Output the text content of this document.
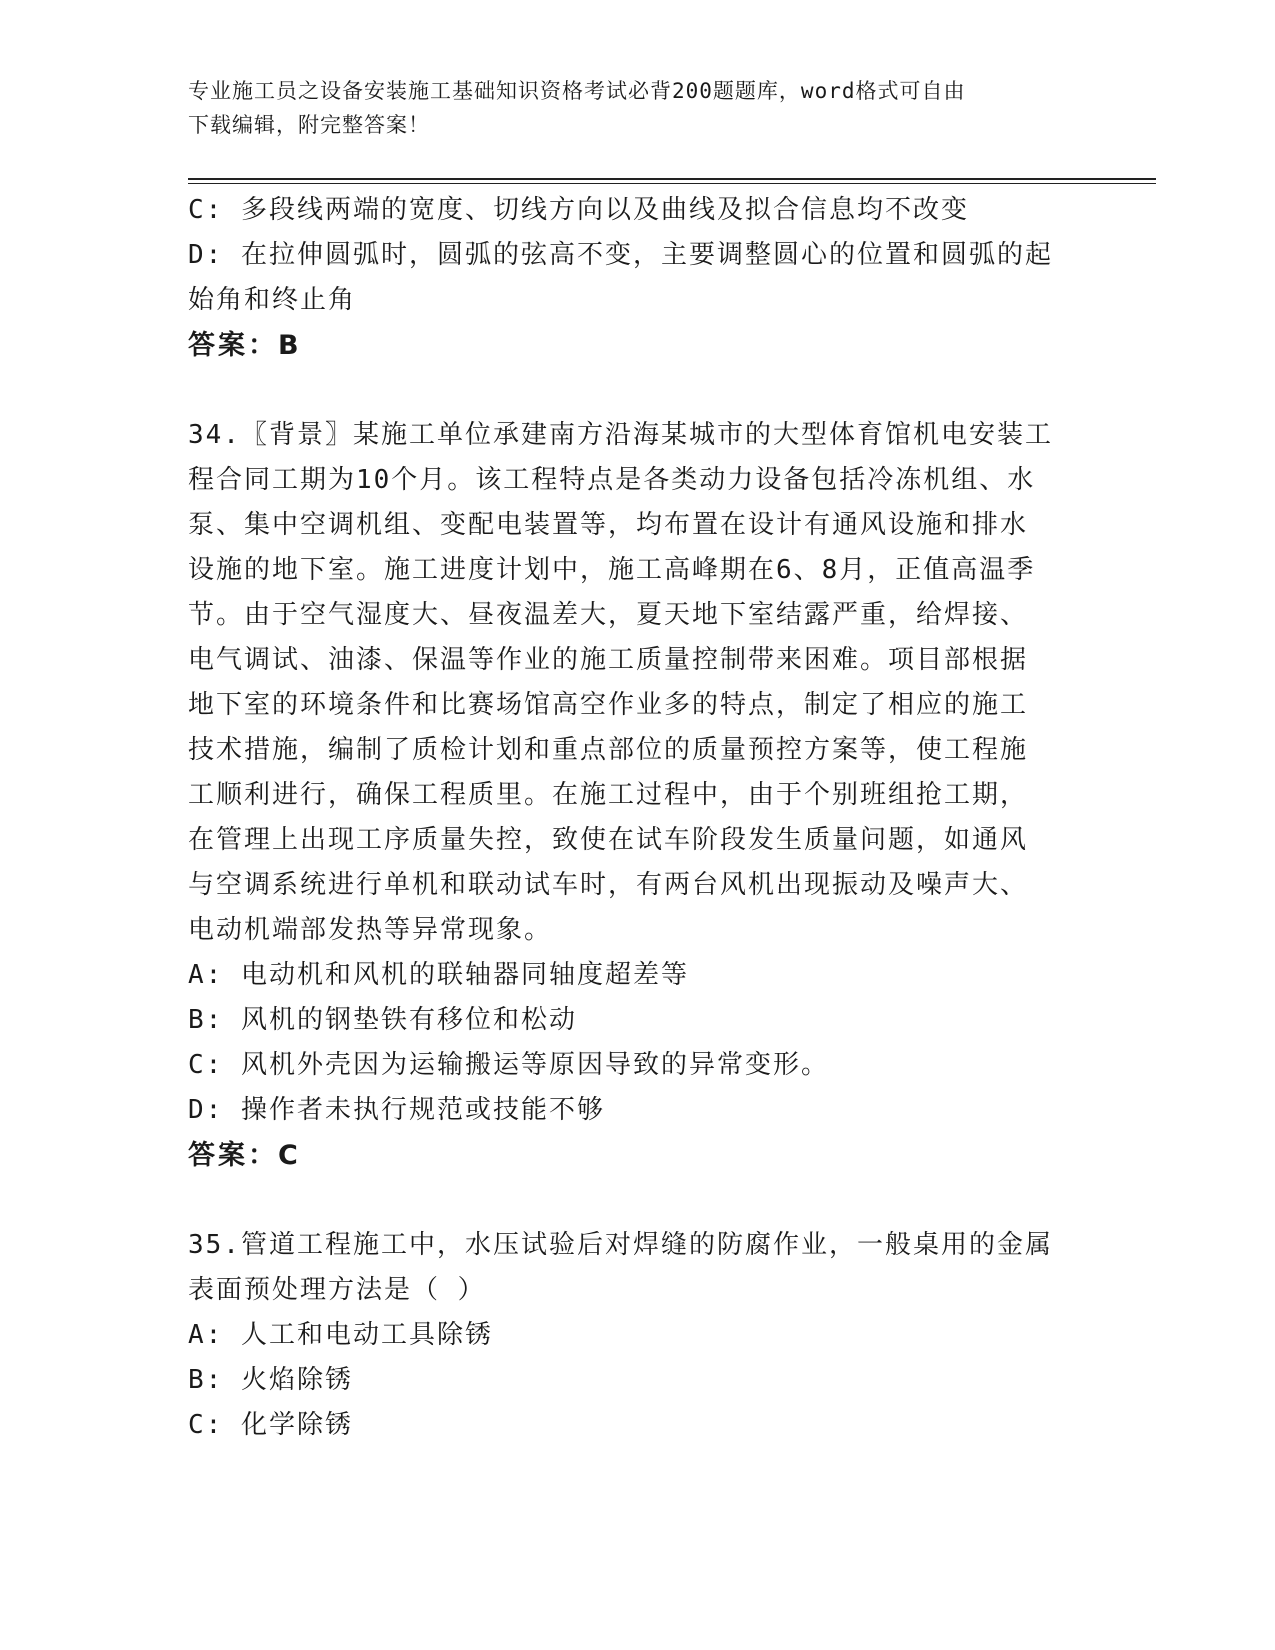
专业施工员之设备安装施工基础知识资格考试必背200题题库，word格式可自由
下载编辑，附完整答案！
C: 多段线两端的宽度、切线方向以及曲线及拟合信息均不改变
D: 在拉伸圆弧时，圆弧的弦高不变，主要调整圆心的位置和圆弧的起
始角和终止角
答案：B
34.〖背景〗某施工单位承建南方沿海某城市的大型体育馆机电安装工
程合同工期为10个月。该工程特点是各类动力设备包括冷冻机组、水
泵、集中空调机组、变配电装置等，均布置在设计有通风设施和排水
设施的地下室。施工进度计划中，施工高峰期在6、8月，正值高温季
节。由于空气湿度大、昼夜温差大，夏天地下室结露严重，给焊接、
电气调试、油漆、保温等作业的施工质量控制带来困难。项目部根据
地下室的环境条件和比赛场馆高空作业多的特点，制定了相应的施工
技术措施，编制了质检计划和重点部位的质量预控方案等，使工程施
工顺利进行，确保工程质里。在施工过程中，由于个别班组抢工期，
在管理上出现工序质量失控，致使在试车阶段发生质量问题，如通风
与空调系统进行单机和联动试车时，有两台风机出现振动及噪声大、
电动机端部发热等异常现象。
A: 电动机和风机的联轴器同轴度超差等
B: 风机的钢垫铁有移位和松动
C: 风机外壳因为运输搬运等原因导致的异常变形。
D: 操作者未执行规范或技能不够
答案：C
35.管道工程施工中，水压试验后对焊缝的防腐作业，一般桌用的金属
表面预处理方法是（ ）
A: 人工和电动工具除锈
B: 火焰除锈
C: 化学除锈
